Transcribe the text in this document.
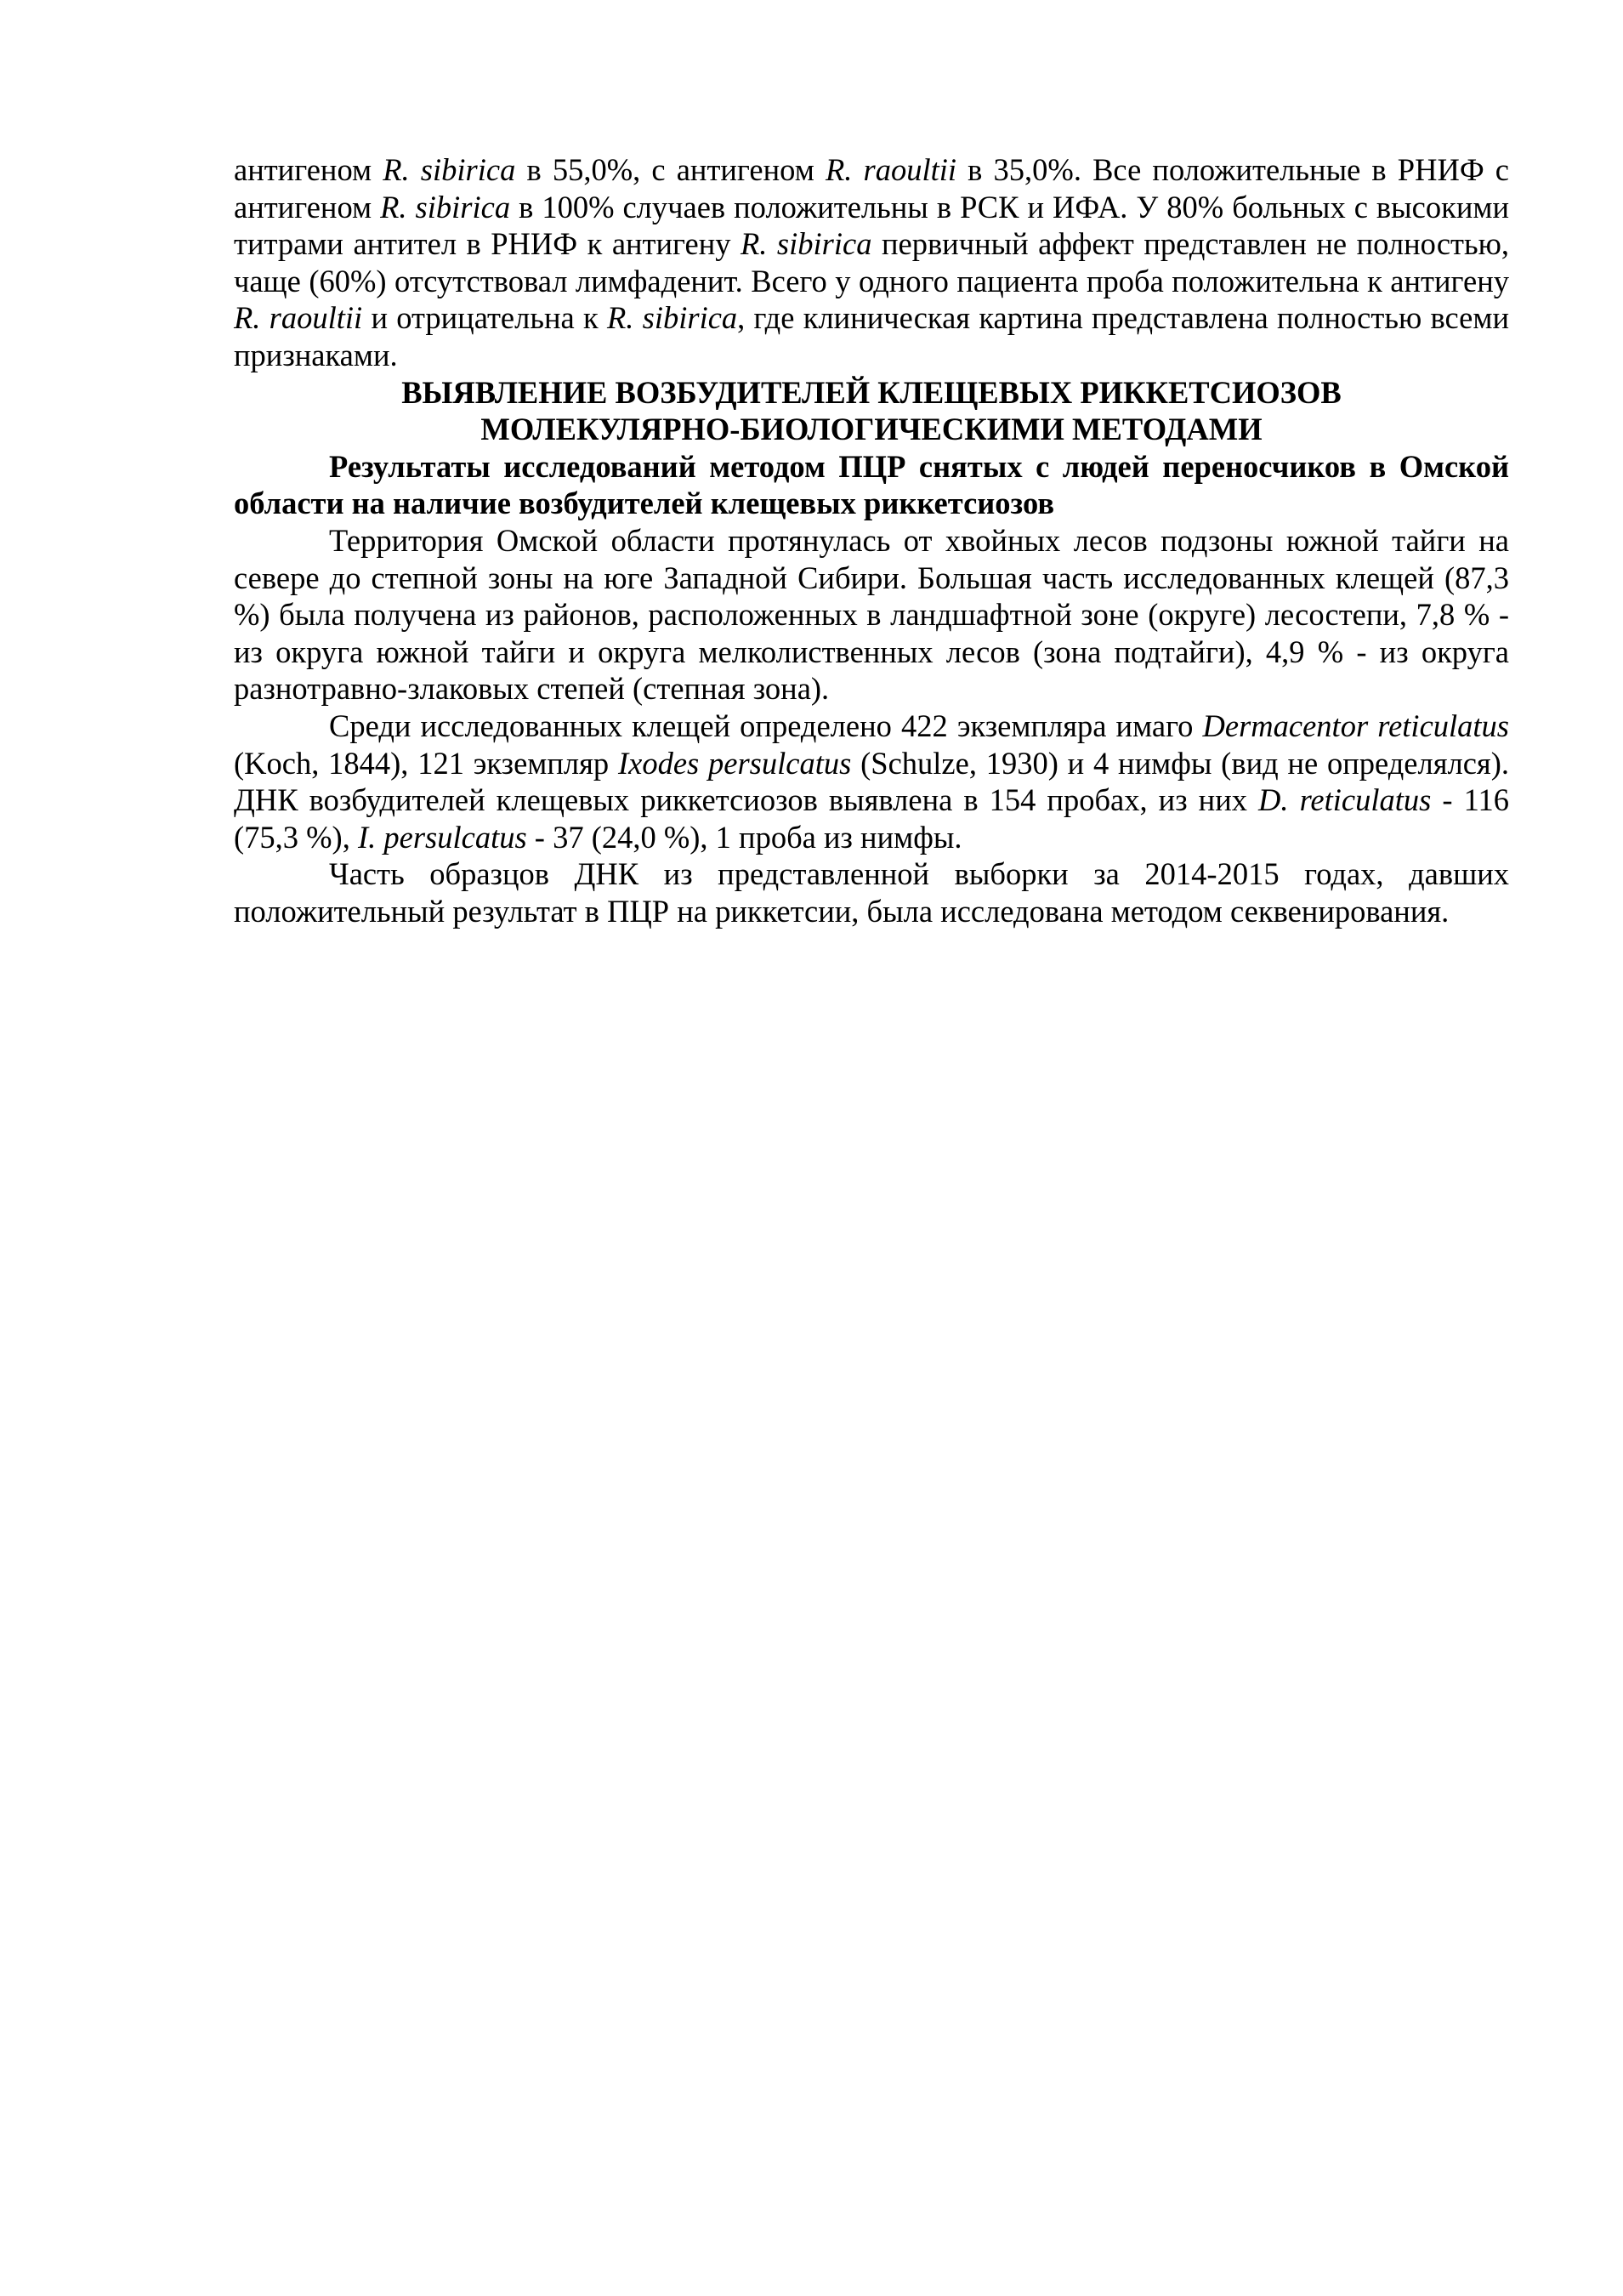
антигеном R. sibirica в 55,0%, с антигеном R. raoultii в 35,0%. Все положительные в РНИФ с антигеном R. sibirica в 100% случаев положительны в РСК и ИФА. У 80% больных с высокими титрами антител в РНИФ к антигену R. sibirica первичный аффект представлен не полностью, чаще (60%) отсутствовал лимфаденит. Всего у одного пациента проба положительна к антигену R. raoultii и отрицательна к R. sibirica, где клиническая картина представлена полностью всеми признаками.

ВЫЯВЛЕНИЕ ВОЗБУДИТЕЛЕЙ КЛЕЩЕВЫХ РИККЕТСИОЗОВ
МОЛЕКУЛЯРНО-БИОЛОГИЧЕСКИМИ МЕТОДАМИ

Результаты исследований методом ПЦР снятых с людей переносчиков в Омской области на наличие возбудителей клещевых риккетсиозов

Территория Омской области протянулась от хвойных лесов подзоны южной тайги на севере до степной зоны на юге Западной Сибири. Большая часть исследованных клещей (87,3 %) была получена из районов, расположенных в ландшафтной зоне (округе) лесостепи, 7,8 % - из округа южной тайги и округа мелколиственных лесов (зона подтайги), 4,9 % - из округа разнотравно-злаковых степей (степная зона).

Среди исследованных клещей определено 422 экземпляра имаго Dermacentor reticulatus (Koch, 1844), 121 экземпляр Ixodes persulcatus (Schulze, 1930) и 4 нимфы (вид не определялся). ДНК возбудителей клещевых риккетсиозов выявлена в 154 пробах, из них D. reticulatus - 116 (75,3 %), I. persulcatus - 37 (24,0 %), 1 проба из нимфы.

Часть образцов ДНК из представленной выборки за 2014-2015 годах, давших положительный результат в ПЦР на риккетсии, была исследована методом секвенирования.
